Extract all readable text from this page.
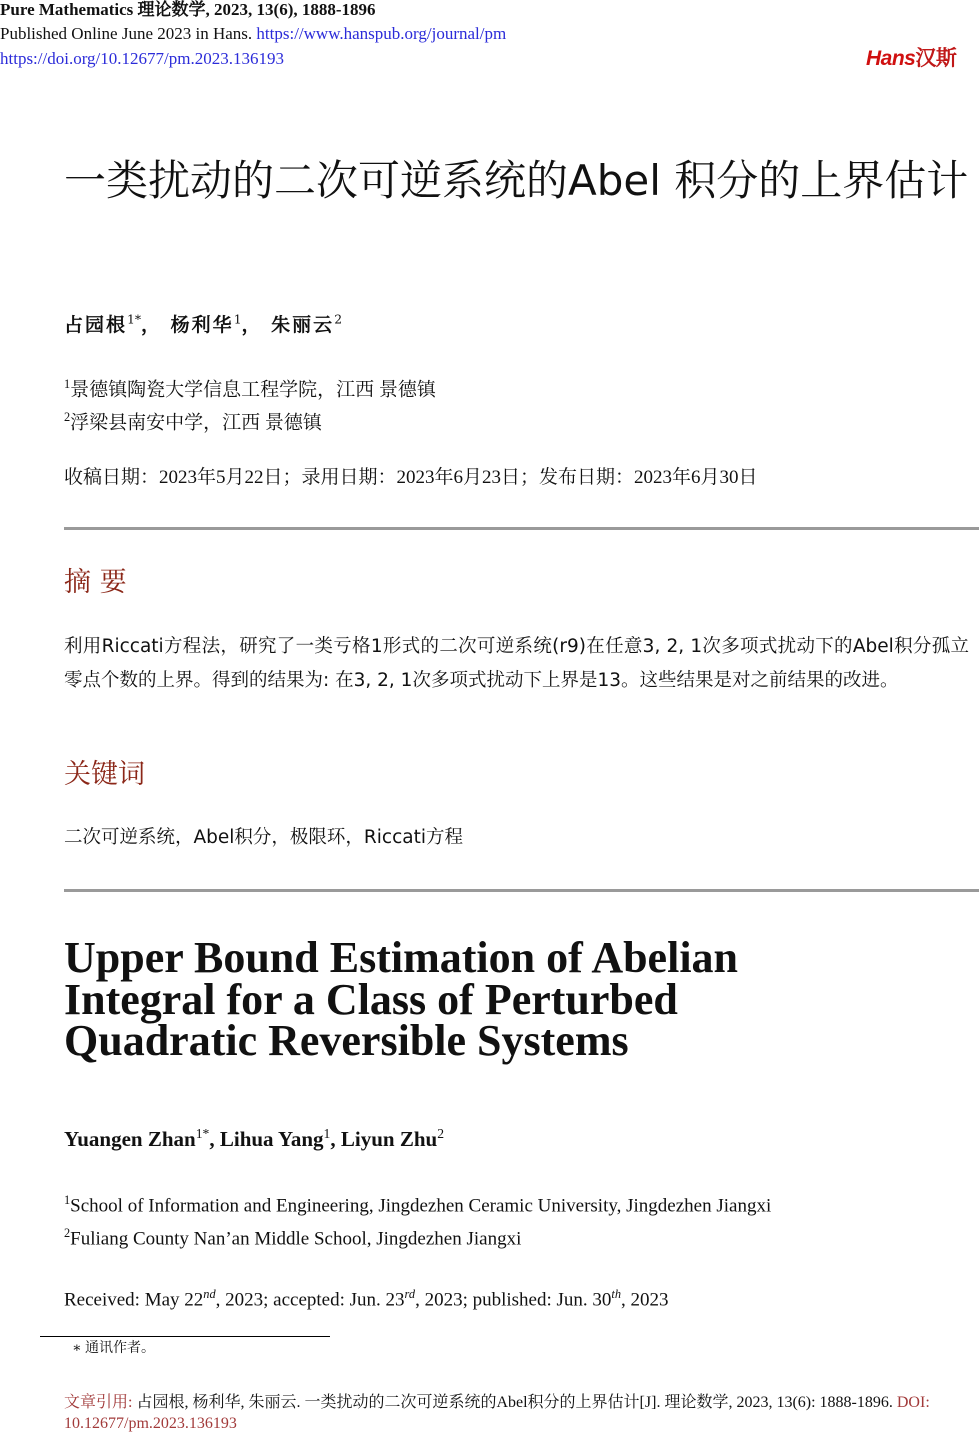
Pure Mathematics 理论数学, 2023, 13(6), 1888-1896
Published Online June 2023 in Hans. https://www.hanspub.org/journal/pm
https://doi.org/10.12677/pm.2023.136193	Hans汉斯
一类扰动的二次可逆系统的Abel 积分的上界估计
占园根$^{1*}$， 杨利华$^1$， 朱丽云$^2$
$^1$景德镇陶瓷大学信息工程学院，江西 景德镇
$^2$浮梁县南安中学，江西 景德镇
收稿日期：2023年5月22日；录用日期：2023年6月23日；发布日期：2023年6月30日
摘 要
利用Riccati方程法，研究了一类亏格1形式的二次可逆系统(r9)在任意3, 2, 1次多项式扰动下的Abel积分孤立零点个数的上界。得到的结果为: 在3, 2, 1次多项式扰动下上界是13。这些结果是对之前结果的改进。
关键词
二次可逆系统，Abel积分，极限环，Riccati方程
Upper Bound Estimation of Abelian
Integral for a Class of Perturbed
Quadratic Reversible Systems
Yuangen Zhan$^{1*}$, Lihua Yang$^1$, Liyun Zhu$^2$
$^1$School of Information and Engineering, Jingdezhen Ceramic University, Jingdezhen Jiangxi
$^2$Fuliang County Nan’an Middle School, Jingdezhen Jiangxi
Received: May 22nd, 2023; accepted: Jun. 23rd, 2023; published: Jun. 30th, 2023
∗ 通讯作者。
文章引用: 占园根, 杨利华, 朱丽云. 一类扰动的二次可逆系统的Abel积分的上界估计[J]. 理论数学, 2023, 13(6): 1888-1896. DOI: 10.12677/pm.2023.136193
